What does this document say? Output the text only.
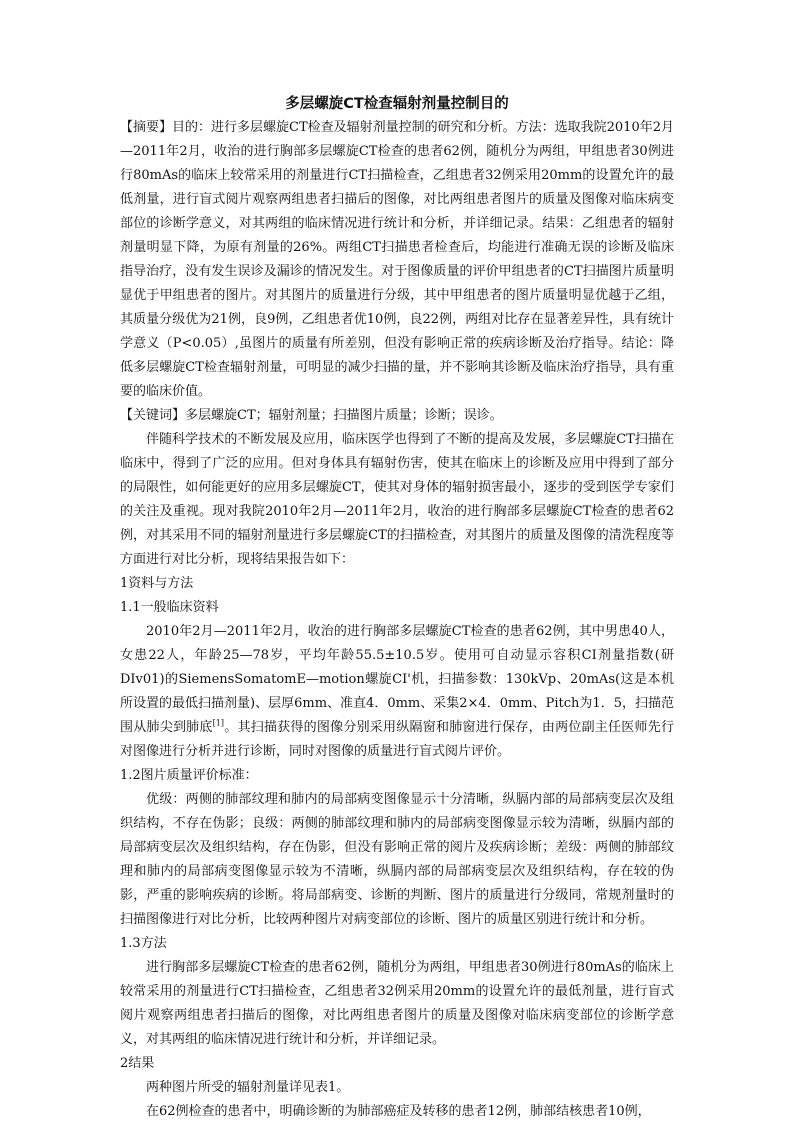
多层螺旋CT检查辐射剂量控制目的

【摘要】目的：进行多层螺旋CT检查及辐射剂量控制的研究和分析。方法：选取我院2010年2月—2011年2月，收治的进行胸部多层螺旋CT检查的患者62例，随机分为两组，甲组患者30例进行80mAs的临床上较常采用的剂量进行CT扫描检查，乙组患者32例采用20mm的设置允许的最低剂量，进行盲式阅片观察两组患者扫描后的图像，对比两组患者图片的质量及图像对临床病变部位的诊断学意义，对其两组的临床情况进行统计和分析，并详细记录。结果：乙组患者的辐射剂量明显下降，为原有剂量的26%。两组CT扫描患者检查后，均能进行准确无误的诊断及临床指导治疗，没有发生误诊及漏诊的情况发生。对于图像质量的评价甲组患者的CT扫描图片质量明显优于甲组患者的图片。对其图片的质量进行分级，其中甲组患者的图片质量明显优越于乙组，其质量分级优为21例，良9例，乙组患者优10例，良22例，两组对比存在显著差异性，具有统计学意义（P<0.05）,虽图片的质量有所差别，但没有影响正常的疾病诊断及治疗指导。结论：降低多层螺旋CT检查辐射剂量，可明显的减少扫描的量，并不影响其诊断及临床治疗指导，具有重要的临床价值。

【关键词】多层螺旋CT；辐射剂量；扫描图片质量；诊断；误诊。

伴随科学技术的不断发展及应用，临床医学也得到了不断的提高及发展，多层螺旋CT扫描在临床中，得到了广泛的应用。但对身体具有辐射伤害，使其在临床上的诊断及应用中得到了部分的局限性，如何能更好的应用多层螺旋CT，使其对身体的辐射损害最小，逐步的受到医学专家们的关注及重视。现对我院2010年2月—2011年2月，收治的进行胸部多层螺旋CT检查的患者62例，对其采用不同的辐射剂量进行多层螺旋CT的扫描检查，对其图片的质量及图像的清洗程度等方面进行对比分析，现将结果报告如下：

1资料与方法

1.1一般临床资料

2010年2月—2011年2月，收治的进行胸部多层螺旋CT检查的患者62例，其中男患40人，女患22人，年龄25—78岁，平均年龄55.5±10.5岁。使用可自动显示容积CI剂量指数(研DIv01)的SiemensSomatomE—motion螺旋CI'机，扫描参数：130kVp、20mAs(这是本机所设置的最低扫描剂量)、层厚6mm、准直4．0mm、采集2×4．0mm、Pitch为1．5，扫描范围从肺尖到肺底[1]。其扫描获得的图像分别采用纵隔窗和肺窗进行保存，由两位副主任医师先行对图像进行分析并进行诊断，同时对图像的质量进行盲式阅片评价。

1.2图片质量评价标准：

优级：两侧的肺部纹理和肺内的局部病变图像显示十分清晰，纵膈内部的局部病变层次及组织结构，不存在伪影；良级：两侧的肺部纹理和肺内的局部病变图像显示较为清晰，纵膈内部的局部病变层次及组织结构，存在伪影，但没有影响正常的阅片及疾病诊断；差级：两侧的肺部纹理和肺内的局部病变图像显示较为不清晰，纵膈内部的局部病变层次及组织结构，存在较的伪影，严重的影响疾病的诊断。将局部病变、诊断的判断、图片的质量进行分级同，常规剂量时的扫描图像进行对比分析，比较两种图片对病变部位的诊断、图片的质量区别进行统计和分析。

1.3方法

进行胸部多层螺旋CT检查的患者62例，随机分为两组，甲组患者30例进行80mAs的临床上较常采用的剂量进行CT扫描检查，乙组患者32例采用20mm的设置允许的最低剂量，进行盲式阅片观察两组患者扫描后的图像，对比两组患者图片的质量及图像对临床病变部位的诊断学意义，对其两组的临床情况进行统计和分析，并详细记录。

2结果

两种图片所受的辐射剂量详见表1。

在62例检查的患者中，明确诊断的为肺部癌症及转移的患者12例，肺部结核患者10例，
